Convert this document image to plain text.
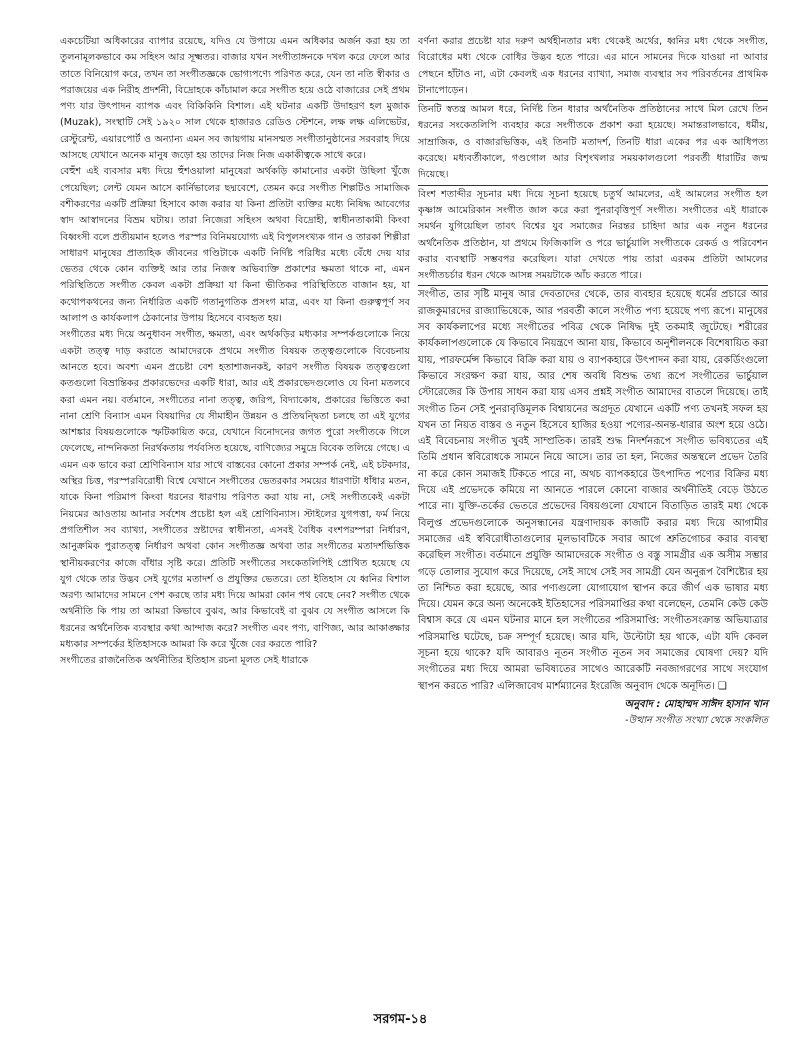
একচেটিয়া অধিকারের ব্যাপার রয়েছে, যদিও যে উপায়ে এমন অধিকার অর্জন করা হয় তা তুলনামূলকভাবে কম সহিংস আর সূক্ষ্মতর। বাজার যখন সংগীতাঙ্গনকে দখল করে ফেলে আর তাতে বিনিয়োগ করে, তখন তা সংগীতজ্ঞকে ভোগ্যপণ্যে পরিণত করে, যেন তা নতি স্বীকার ও পরাজয়ের এক নিরীহ প্রদর্শনী, বিদ্রোহকে কাঁচামাল করে সংগীত হয়ে ওঠে বাজারের সেই প্রথম পণ্য যার উৎপাদন ব্যাপক এবং বিকিকিনি বিশাল। এই ঘটনার একটি উদাহরণ হল মুজাক (Muzak), সংস্থাটি সেই ১৯২০ সাল থেকে হাজারও রেডিও স্টেশনে, লক্ষ লক্ষ এলিভেটর, রেস্টুরেন্ট, এয়ারপোর্ট ও অন্যান্য এমন সব জায়গায় মানসম্মত সংগীতানুষ্ঠানের সরবরাহ দিয়ে আসছে যেখানে অনেক মানুষ জড়ো হয় তাদের নিজ নিজ একাকীত্বকে সাথে করে।

বেহুঁশ এই ব্যবসার মধ্য দিয়ে হুঁশওয়ালা মানুষেরা অর্থকড়ি কামানোর একটা উছিলা খুঁজে পেয়েছিল; লেন্ট যেমন আসে কার্নিভালের ছদ্মবেশে, তেমন করে সংগীত শিল্পটিও সামাজিক বশীকরণের একটি প্রক্রিয়া হিসাবে কাজ করার যা কিনা প্রতিটা ব্যক্তির মধ্যে নিষিদ্ধ আবেগের স্বাদ আস্বাদনের বিভ্রম ঘটায়। তারা নিজেরা সহিংস অথবা বিদ্রোহী, স্বাধীনতাকামী কিংবা বিধ্বংসী বলে প্রতীয়মান হলেও পরস্পর বিনিময়যোগ্য এই বিপুলসংখ্যক গান ও তারকা শিল্পীরা সাধারণ মানুষের প্রাত্যহিক জীবনের গণ্ডিটাকে একটি নির্দিষ্ট পরিধির মধ্যে বেঁধে দেয় যার ভেতর থেকে কোন ব্যক্তিই আর তার নিজস্ব অভিব্যক্তি প্রকাশের ক্ষমতা থাকে না, এমন পরিস্থিতিতে সংগীত কেবল একটা প্রক্রিয়া যা কিনা ভীতিকর পরিস্থিতিতে বাজান হয়, যা কথোপকথনের জন্য নির্ধারিত একটি গতানুগতিক প্রসংগ মাত্র, এবং যা কিনা গুরুত্বপূর্ণ সব আলাপ ও কার্যকলাপ ঠেকানোর উপায় হিসেবে ব্যবহৃত হয়।

সংগীতের মধ্য দিয়ে অনুধাবন সংগীত, ক্ষমতা, এবং অর্থকড়ির মধ্যকার সম্পর্কগুলোকে নিয়ে একটা তত্ত্ব দাড় করাতে আমাদেরকে প্রথমে সংগীত বিষয়ক তত্ত্বগুলোকে বিবেচনায় আনতে হবে। অবশ্য এমন প্রচেষ্টা বেশ হতাশাজনকই, কারণ সংগীত বিষয়ক তত্ত্বগুলো কতগুলো বিভ্রান্তিকর প্রকারভেদের একটি ধারা, আর এই প্রকারভেদগুলোও যে বিনা মতলবে করা এমন নয়। বর্তমানে, সংগীতের নানা তত্ত্ব, জরিপ, বিদ্যাকোষ, প্রকারের ভিত্তিতে করা নানা শ্রেণি বিন্যাস এমন বিষয়াদির যে সীমাহীন উন্নয়ন ও প্রতিদ্বন্দ্বিতা চলছে তা এই যুগের আশঙ্কার বিষয়গুলোকে স্ফটিকায়িত করে, যেখানে বিনোদনের জগত পুরো সংগীতকে গিলে ফেলেছে, নান্দনিকতা নিরর্থকতায় পর্যবসিত হয়েছে, বাণিজ্যের সমুদ্রে বিবেক তলিয়ে গেছে। এ এমন এক ভাবে করা শ্রেণিবিন্যাস যার সাথে বাস্তবের কোনো প্রকার সম্পর্ক নেই, এই চটকদার, অস্থির চিত্ত, পরস্পরবিরোধী বিশ্বে যেখানে সংগীতের ভেতরকার সময়ের ধারণাটা ধাঁধার মতন, যাকে কিনা পরিমাপ কিংবা ধরনের ধারণায় পরিণত করা যায় না, সেই সংগীতকেই একটা নিয়মের আওতায় আনার সর্বশেষ প্রচেষ্টা হল এই শ্রেণিবিন্যাস। স্টাইলের যুগপত্তা, ফর্ম নিয়ে প্রগতিশীল সব ব্যাখ্যা, সংগীতের স্রষ্টাদের স্বাধীনতা, এসবই বৈধিক বংশপরম্পরা নির্ধারণ, আনুক্রমিক পুরাতত্ত্ব নির্ধারণ অথবা কোন সংগীতজ্ঞ অথবা তার সংগীতের মতাদর্শভিত্তিক স্থানীয়করণের কাজে বাঁধার সৃষ্টি করে। প্রতিটি সংগীতের সংকেতলিপিই প্রোথিত হয়েছে যে যুগ থেকে তার উদ্ভব সেই যুগের মতাদর্শ ও প্রযুক্তির ভেতরে। তো ইতিহাস যে ধ্বনির বিশাল অরণ্য আমাদের সামনে পেশ করছে তার মধ্য দিয়ে আমরা কোন পথ বেছে নেব? সংগীত থেকে অর্থনীতি কি পায় তা আমরা কিভাবে বুঝব, আর কিভাবেই বা বুঝব যে সংগীত আসলে কি ধরনের অর্থনৈতিক ব্যবস্থার কথা আন্দাজ করে? সংগীত এবং পণ্য, বাণিজ্য, আর আকাঙ্ক্ষার মধ্যকার সম্পর্কের ইতিহাসকে আমরা কি করে খুঁজে বের করতে পারি?

সংগীতের রাজনৈতিক অর্থনীতির ইতিহাস রচনা মূলত সেই ধারাকে

বর্ণনা করার প্রচেষ্টা যার দরুণ অর্থহীনতার মধ্য থেকেই অর্থের, ধ্বনির মধ্য থেকে সংগীত, বিরোধের মধ্য থেকে বোধির উদ্ভব হতে পারে। এর মানে সামনের দিকে যাওয়া না আবার পেছনে হাঁটাও না, এটা কেবলই এক ধরনের ব্যাখ্যা, সমাজ ব্যবস্থার সব পরিবর্তনের প্রাথমিক টানাপোড়েন।

তিনটি স্বতন্ত্র আমল ধরে, নির্দিষ্ট তিন ধারার অর্থনৈতিক প্রতিষ্ঠানের সাথে মিল রেখে তিন ধরনের সংকেতলিপি ব্যবহার করে সংগীতকে প্রকাশ করা হয়েছে। সমান্তরালভাবে, ধর্মীয়, সাম্রাজিক, ও বাজারভিত্তিক, এই তিনটি মতাদর্শ, তিনটি ধারা একের পর এক আধিপত্য করেছে। মধ্যবর্তীকালে, গণ্ডগোল আর বিশৃংখলার সময়কালগুলো পরবর্তী ধারাটির জন্ম দিয়েছে।

বিংশ শতাব্দীর সূচনার মধ্য দিয়ে সূচনা হয়েছে চতুর্থ আমলের, এই আমলের সংগীত হল কৃষ্ণাঙ্গ আমেরিকান সংগীত জাল করে করা পুনরাবৃত্তিপূর্ণ সংগীত। সংগীতের এই ধারাকে সমর্থন যুগিয়েছিল তাবৎ বিশ্বের যুব সমাজের নিরন্তর চাহিদা আর এক নতুন ধরনের অর্থনৈতিক প্রতিষ্ঠান, যা প্রথমে ফিজিকালি ও পরে ভার্চুয়ালি সংগীতকে রেকর্ড ও পরিবেশন করার ব্যবস্থাটি সম্ভবপর করেছিল। যারা দেখতে পায় তারা এরকম প্রতিটা আমলের সংগীতচর্চার ধরন থেকে আসন্ন সময়টাকে আঁচ করতে পারে।

সংগীত, তার সৃষ্টি মানুষ আর দেবতাদের থেকে, তার ব্যবহার হয়েছে ধর্মের প্রচারে আর রাজকুমারদের রাজ্যাভিষেকে, আর পরবর্তী কালে সংগীত পণ্য হয়েছে পণ্য রূপে। মানুষের সব কার্যকলাপের মধ্যে সংগীতের পবিত্র থেকে নিষিদ্ধ দুই তকমাই জুটেছে। শরীরের কার্যকলাপগুলোকে যে কিভাবে নিয়ন্ত্রণে আনা যায়, কিভাবে অনুশীলনকে বিশেষায়িত করা যায়, পারফর্মেন্স কিভাবে বিক্রি করা যায় ও ব্যাপকহারে উৎপাদন করা যায়, রেকর্ডিংগুলো কিভাবে সংরক্ষণ করা যায়, আর শেষ অবধি বিশুদ্ধ তথ্য রূপে সংগীতের ভার্চুয়াল স্টোরেজের কি উপায় সাধন করা যায় এসব প্রশ্নই সংগীত আমাদের বাতলে দিয়েছে। তাই সংগীত তিন সেই পুনরাবৃত্তিমূলক বিশ্বায়নের অগ্রদূত যেখানে একটি পণ্য তখনই সফল হয় যখন তা নিয়ত বাস্তব ও নতুন হিসেবে হাজির হওয়া পণ্যের-অনন্ত-ধারার অংশ হয়ে ওঠে। এই বিবেচনায় সংগীত খুবই সাম্প্রতিক। তারই শুদ্ধ নিদর্শনরূপে সংগীত ভবিষ্যতের এই তিমি প্রধান স্ববিরোধকে সামনে নিয়ে আসে। তার তা হল, নিজের অন্তস্থলে প্রভেদ তৈরি না করে কোন সমাজই টিকতে পারে না, অথচ ব্যাপকহারে উৎপাদিত পণ্যের বিক্রির মধ্য দিয়ে এই প্রভেদকে কমিয়ে না আনতে পারলে কোনো বাজার অর্থনীতিই বেড়ে উঠতে পারে না। যুক্তি-তর্কের ভেতরে প্রভেদের বিষয়গুলো যেখানে বিতাড়িত তারই মধ্য থেকে বিলুপ্ত প্রভেদগুলোকে অনুসন্ধানের যন্ত্রণাদায়ক কাজটি করার মধ্য দিয়ে আগামীর সমাজের এই স্ববিরোধীতাগুলোর মূলভাবটিকে সবার আগে শ্রুতিগোচর করার ব্যবস্থা করেছিল সংগীত। বর্তমানে প্রযুক্তি আমাদেরকে সংগীত ও বস্তু সামগ্রীর এক অসীম সম্ভার গড়ে তোলার সুযোগ করে দিয়েছে, সেই সাথে সেই সব সামগ্রী যেন অনুরূপ বৈশিষ্ট্যের হয় তা নিশ্চিত করা হয়েছে, আর পণ্যগুলো যোগাযোগ স্থাপন করে জীর্ণ এক ভাষার মধ্য দিয়ে। যেমন করে অন্য অনেকেই ইতিহাসের পরিসমাপ্তির কথা বলেছেন, তেমনি কেউ কেউ বিশ্বাস করে যে এমন ঘটনার মানে হল সংগীতের পরিসমাপ্তি: সংগীতসংক্রান্ত অভিযাত্রার পরিসমাপ্তি ঘটেছে, চক্র সম্পূর্ণ হয়েছে। আর যদি, উল্টোটা হয় থাকে, এটা যদি কেবল সূচনা হয়ে থাকে? যদি আবারও নূতন সংগীত নূতন সব সমাজের ঘোষণা দেয়? যদি সংগীতের মধ্য দিয়ে আমরা ভবিষ্যতের সাথেও আরেকটি নবজাগরণের সাথে সংযোগ স্থাপন করতে পারি? এলিজাবেথ মার্শম্যানের ইংরেজি অনুবাদ থেকে অনূদিত। ❏

অনুবাদ : মোহাম্মদ সাঈদ হাসান খান
-উত্থান সংগীত সংখ্যা থেকে সংকলিত
সরগম-১৪
